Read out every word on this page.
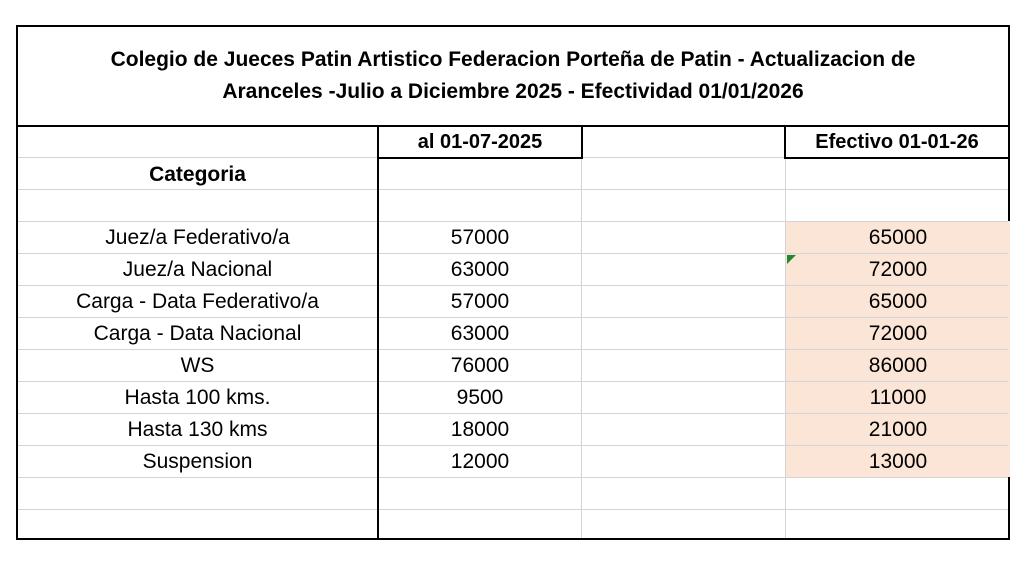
Colegio de Jueces Patin Artistico Federacion Porteña de Patin - Actualizacion de
Aranceles -Julio a Diciembre 2025 - Efectividad 01/01/2026
al 01-07-2025	Efectivo 01-01-26
Categoria
Juez/a Federativo/a	57000	65000
Juez/a Nacional	63000	72000
Carga - Data Federativo/a	57000	65000
Carga - Data Nacional	63000	72000
WS	76000	86000
Hasta 100 kms.	9500	11000
Hasta 130 kms	18000	21000
Suspension	12000	13000
